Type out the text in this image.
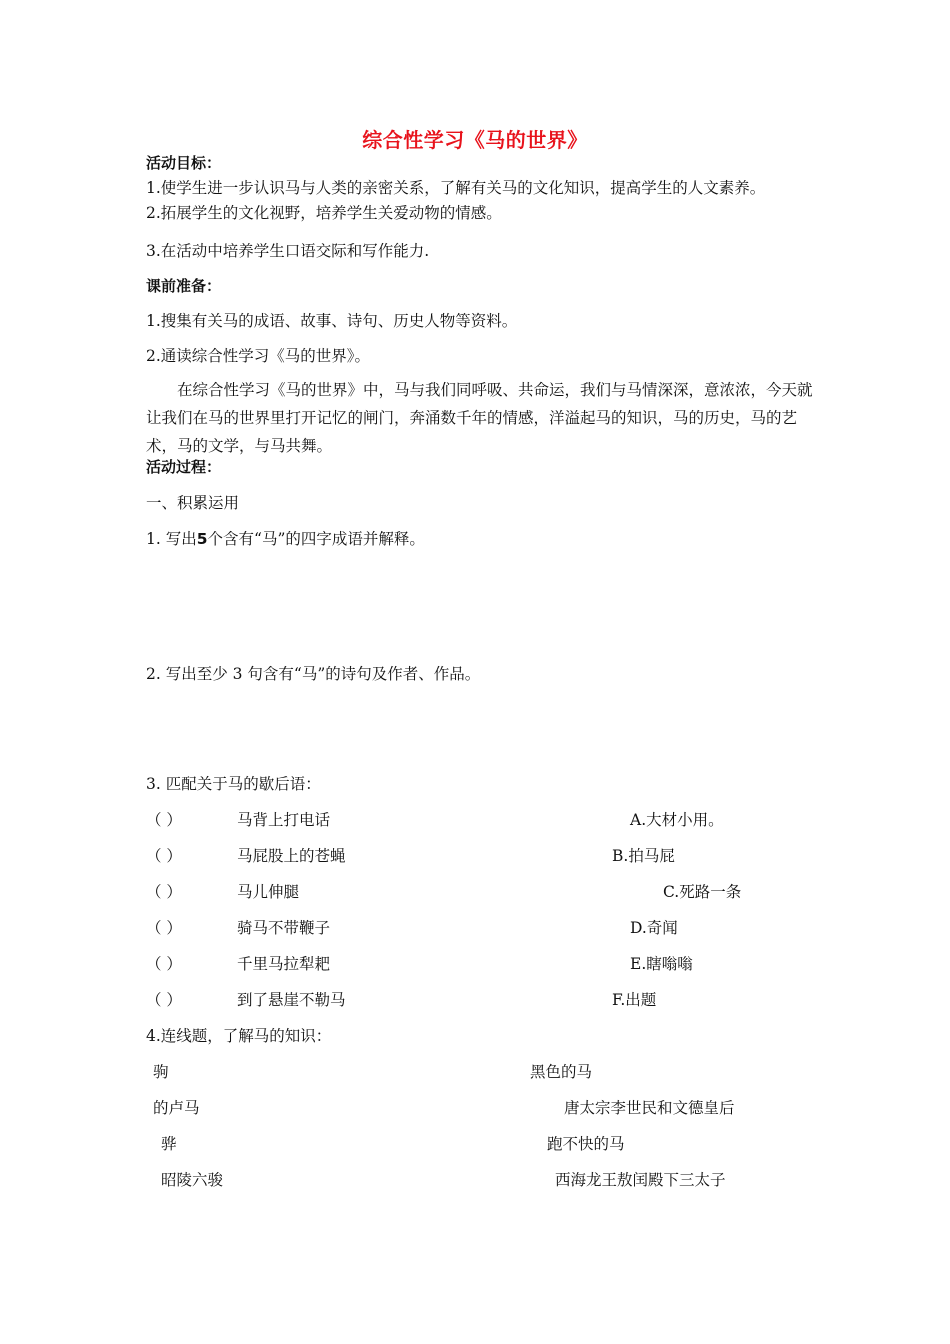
综合性学习《马的世界》
活动目标：
1.使学生进一步认识马与人类的亲密关系，了解有关马的文化知识，提高学生的人文素养。
2.拓展学生的文化视野，培养学生关爱动物的情感。
3.在活动中培养学生口语交际和写作能力.
课前准备：
1.搜集有关马的成语、故事、诗句、历史人物等资料。
2.通读综合性学习《马的世界》。
在综合性学习《马的世界》中，马与我们同呼吸、共命运，我们与马情深深，意浓浓，今天就让我们在马的世界里打开记忆的闸门，奔涌数千年的情感，洋溢起马的知识，马的历史，马的艺术，马的文学，与马共舞。
活动过程：
一、积累运用
1. 写出5个含有“马”的四字成语并解释。
2. 写出至少 3 句含有“马”的诗句及作者、作品。
3. 匹配关于马的歇后语：
（ ）	马背上打电话	A.大材小用。
（ ）	马屁股上的苍蝇	B.拍马屁
（ ）	马儿伸腿	C.死路一条
（ ）	骑马不带鞭子	D.奇闻
（ ）	千里马拉犁耙	E.瞎嗡嗡
（ ）	到了悬崖不勒马	F.出题
4.连线题，了解马的知识：
驹	黑色的马
的卢马	唐太宗李世民和文德皇后
骅	跑不快的马
昭陵六骏	西海龙王敖闰殿下三太子
